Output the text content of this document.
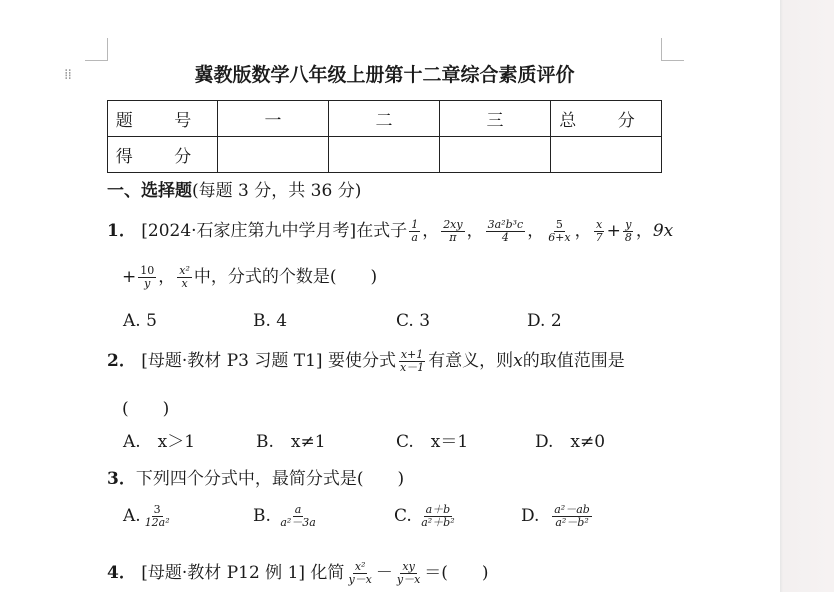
⁞⁞	冀教版数学八年级上册第十二章综合素质评价
题 号	一	二	三	总 分
得 分				
一、选择题(每题 3 分，共 36 分)
1． [2024·石家庄第九中学月考]在式子 $\frac{1}{a}$ ， $\frac{2xy}{\pi}$ ， $\frac{\text{3a²b³c}}{4}$ ， $\frac{5}{6+x}$ ， $\frac{x}{7} + \frac{y}{8}$ ，9x
+ $\frac{10}{y}$ ， $\frac{\text{x²}}{x}$ 中，分式的个数是(　　)
A. 5	B. 4	C. 3	D. 2
2． [母题·教材 P3 习题 T1] 要使分式 $\frac{x+1}{x-1}$ 有意义，则x的取值范围是
(　　)
A.　x＞1	B.　x≠1	C.　x＝1	D.　x≠0
3．下列四个分式中，最简分式是(　　)
A. $\frac{3}{\text{12a²}}$	B. $\frac{a}{\text{a²－3a}}$	C. $\frac{a+b}{\text{a²＋b²}}$	D. $\frac{\text{a²－ab}}{\text{a²－b²}}$
4． [母题·教材 P12 例 1] 化简 $\frac{\text{x²}}{y-x} - \frac{xy}{y-x}$ ＝(　　)
